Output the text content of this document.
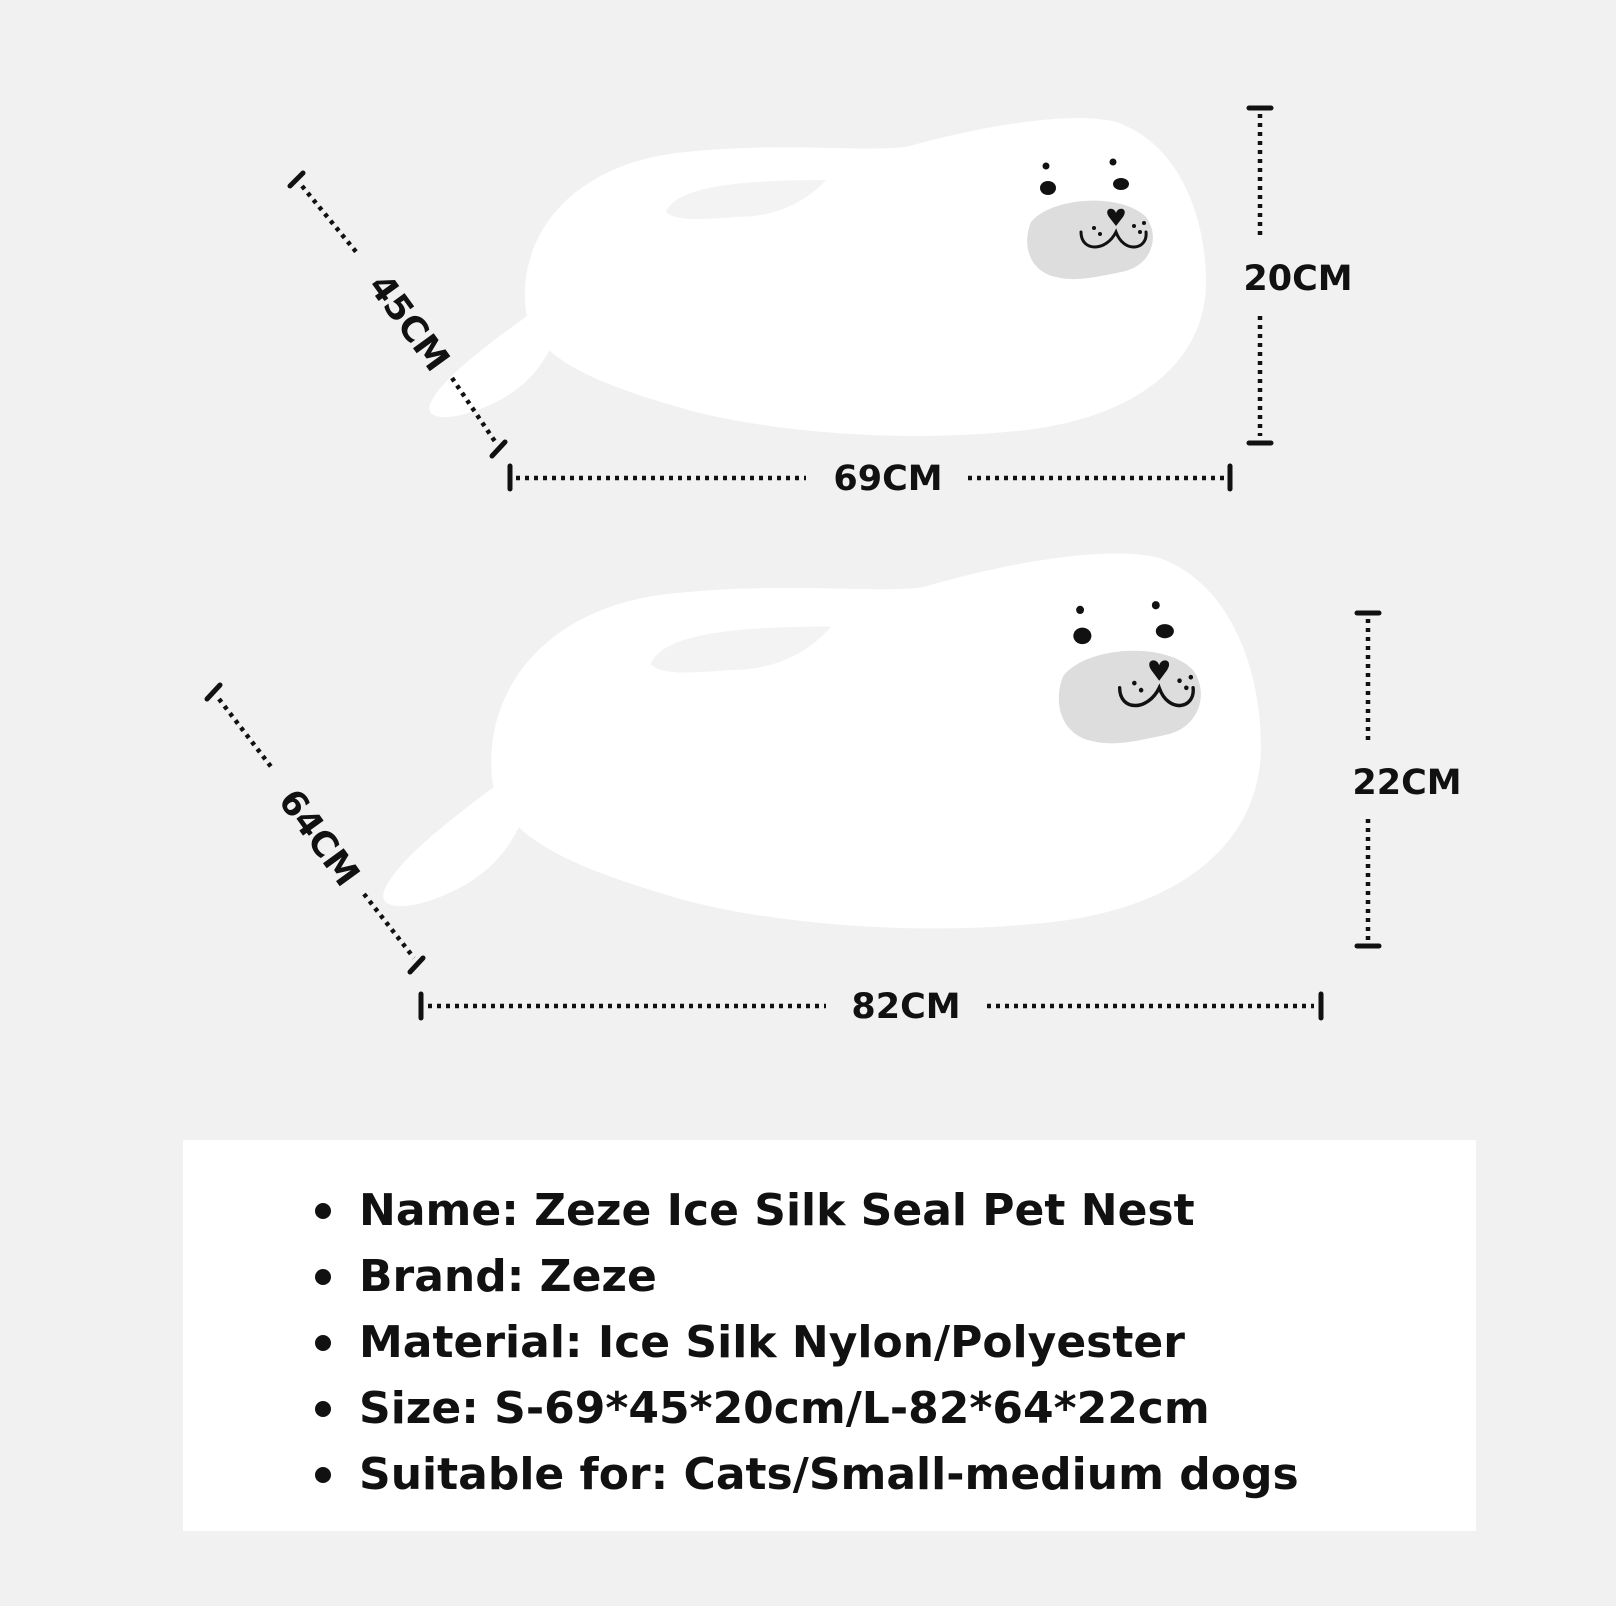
45CM	20CM
69CM
64CM	22CM
82CM
Name: Zeze Ice Silk Seal Pet Nest
Brand: Zeze
Material: Ice Silk Nylon/Polyester
Size: S-69*45*20cm/L-82*64*22cm
Suitable for: Cats/Small-medium dogs
